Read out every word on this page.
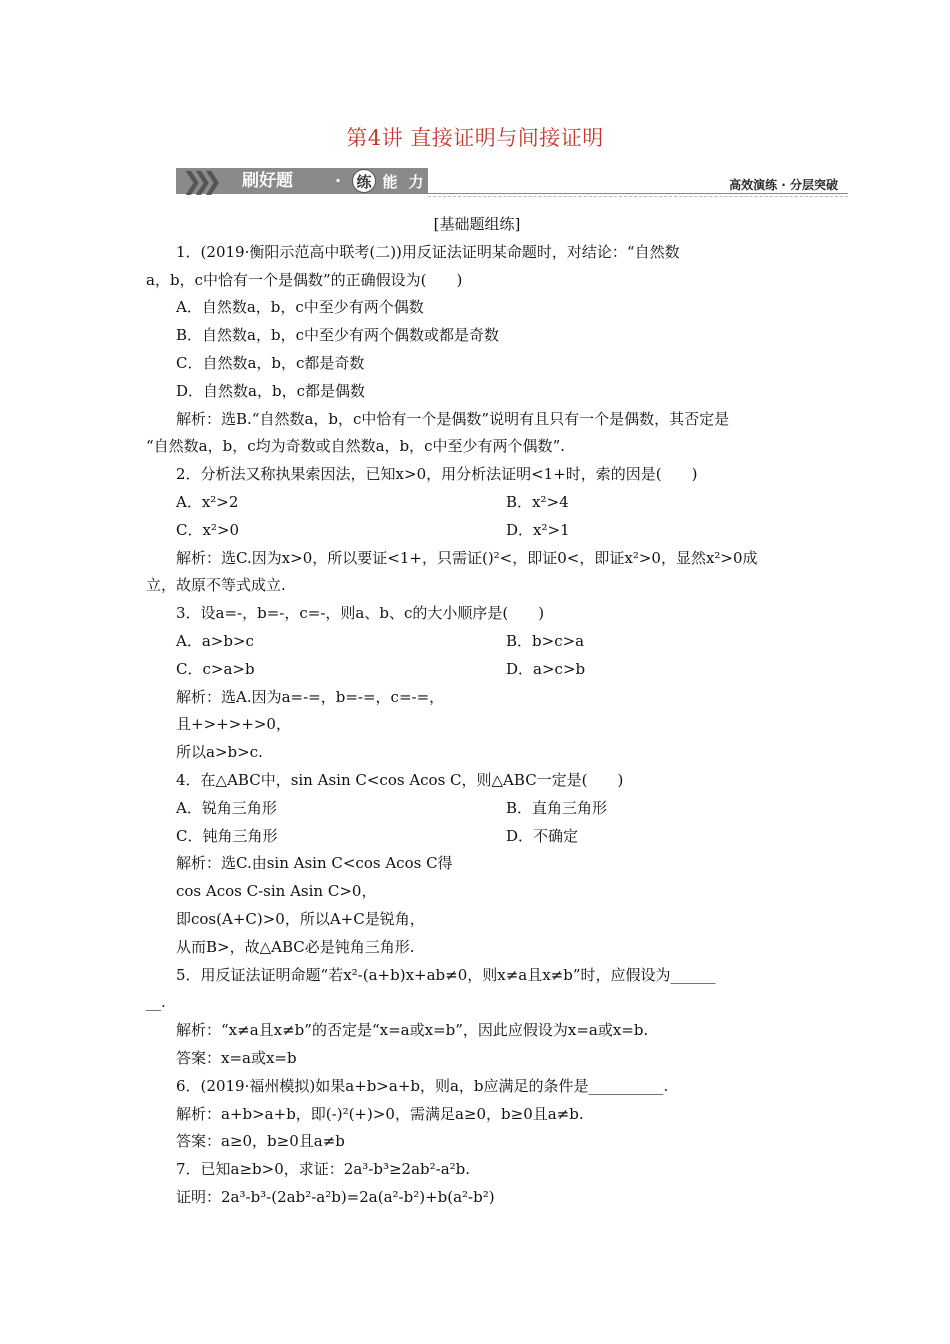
第4讲 直接证明与间接证明
❯❯❯ 刷好题	·	练 能 力	高效演练 · 分层突破
[基础题组练]
1．(2019·衡阳示范高中联考(二))用反证法证明某命题时，对结论：“自然数
a，b，c中恰有一个是偶数”的正确假设为(　　)
A．自然数a，b，c中至少有两个偶数
B．自然数a，b，c中至少有两个偶数或都是奇数
C．自然数a，b，c都是奇数
D．自然数a，b，c都是偶数
解析：选B.“自然数a，b，c中恰有一个是偶数”说明有且只有一个是偶数，其否定是
“自然数a，b，c均为奇数或自然数a，b，c中至少有两个偶数”.
2．分析法又称执果索因法，已知x>0，用分析法证明<1+时，索的因是(　　)
A．x²>2	B．x²>4
C．x²>0	D．x²>1
解析：选C.因为x>0，所以要证<1+，只需证()²<，即证0<，即证x²>0，显然x²>0成
立，故原不等式成立.
3．设a=-，b=-，c=-，则a、b、c的大小顺序是(　　)
A．a>b>c	B．b>c>a
C．c>a>b	D．a>c>b
解析：选A.因为a=-=，b=-=，c=-=，
且+>+>+>0，
所以a>b>c.
4．在△ABC中，sin Asin C<cos Acos C，则△ABC一定是(　　)
A．锐角三角形	B．直角三角形
C．钝角三角形	D．不确定
解析：选C.由sin Asin C<cos Acos C得
cos Acos C-sin Asin C>0，
即cos(A+C)>0，所以A+C是锐角，
从而B>，故△ABC必是钝角三角形.
5．用反证法证明命题“若x²-(a+b)x+ab≠0，则x≠a且x≠b”时，应假设为______
__.
解析：“x≠a且x≠b”的否定是“x=a或x=b”，因此应假设为x=a或x=b.
答案：x=a或x=b
6．(2019·福州模拟)如果a+b>a+b，则a，b应满足的条件是__________.
解析：a+b>a+b，即(-)²(+)>0，需满足a≥0，b≥0且a≠b.
答案：a≥0，b≥0且a≠b
7．已知a≥b>0，求证：2a³-b³≥2ab²-a²b.
证明：2a³-b³-(2ab²-a²b)=2a(a²-b²)+b(a²-b²)
